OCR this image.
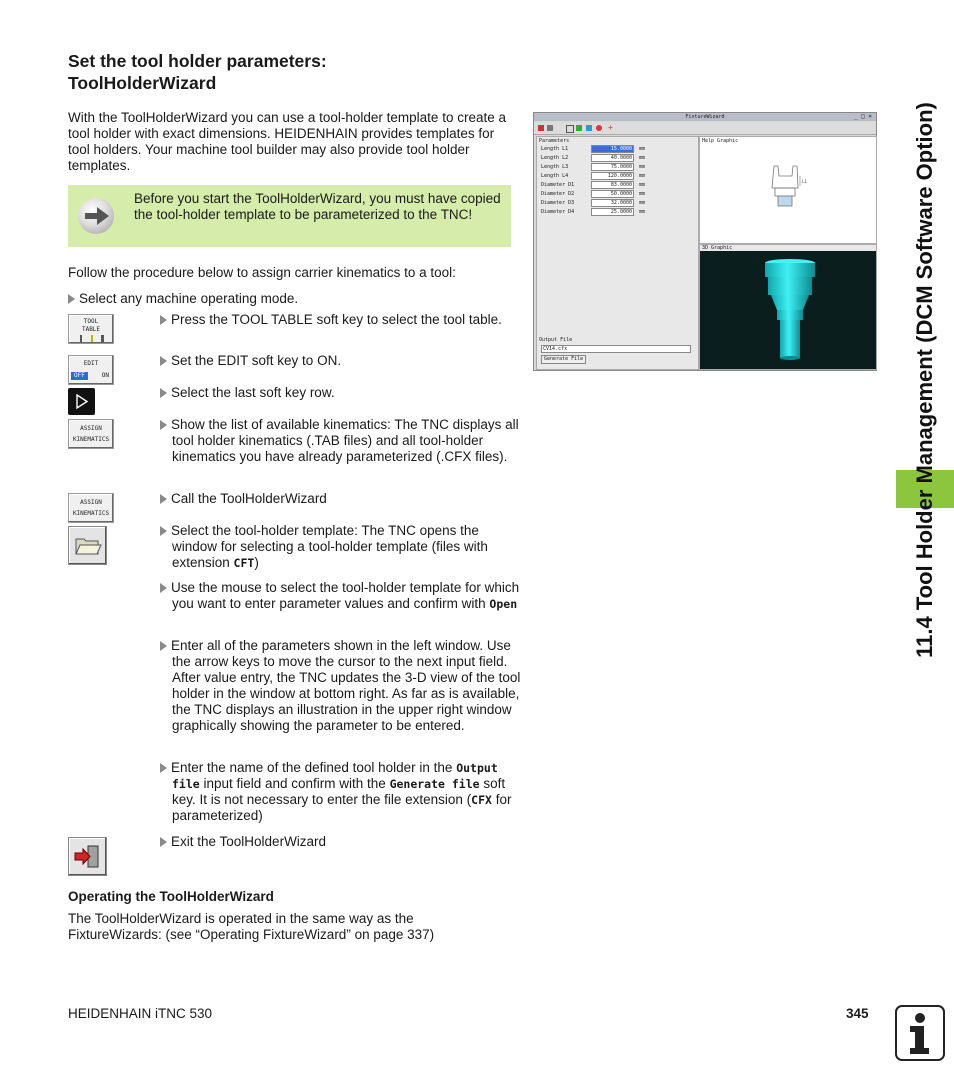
Set the tool holder parameters:
ToolHolderWizard
With the ToolHolderWizard you can use a tool-holder template to create a tool holder with exact dimensions. HEIDENHAIN provides templates for tool holders. Your machine tool builder may also provide tool holder templates.
Before you start the ToolHolderWizard, you must have copied the tool-holder template to be parameterized to the TNC!
Follow the procedure below to assign carrier kinematics to a tool:
Select any machine operating mode.
TOOL
TABLE
EDIT
OFF	ON
ASSIGN
KINEMATICS
ASSIGN
KINEMATICS
Press the TOOL TABLE soft key to select the tool table.
Set the EDIT soft key to ON.
Select the last soft key row.
Show the list of available kinematics: The TNC displays all tool holder kinematics (.TAB files) and all tool-holder kinematics you have already parameterized (.CFX files).
Call the ToolHolderWizard
Select the tool-holder template: The TNC opens the window for selecting a tool-holder template (files with extension CFT)
Use the mouse to select the tool-holder template for which you want to enter parameter values and confirm with Open
Enter all of the parameters shown in the left window. Use the arrow keys to move the cursor to the next input field. After value entry, the TNC updates the 3-D view of the tool holder in the window at bottom right. As far as is available, the TNC displays an illustration in the upper right window graphically showing the parameter to be entered.
Enter the name of the defined tool holder in the Output file input field and confirm with the Generate file soft key. It is not necessary to enter the file extension (CFX for parameterized)
Exit the ToolHolderWizard
Operating the ToolHolderWizard
The ToolHolderWizard is operated in the same way as the FixtureWizards: (see “Operating FixtureWizard” on page 337)
FixtureWizard	_ □ ×
+
Parameters
Length L1	15.0000	mm
Length L2	40.0000	mm
Length L3	75.0000	mm
Length L4	120.0000	mm
Diameter D1	83.0000	mm
Diameter D2	50.0000	mm
Diameter D3	32.0000	mm
Diameter D4	25.0000	mm
Output File
CV14.cfx
Generate File
Help Graphic
L1
3D Graphic	11.4 Tool Holder Management (DCM Software Option)
HEIDENHAIN iTNC 530	345
